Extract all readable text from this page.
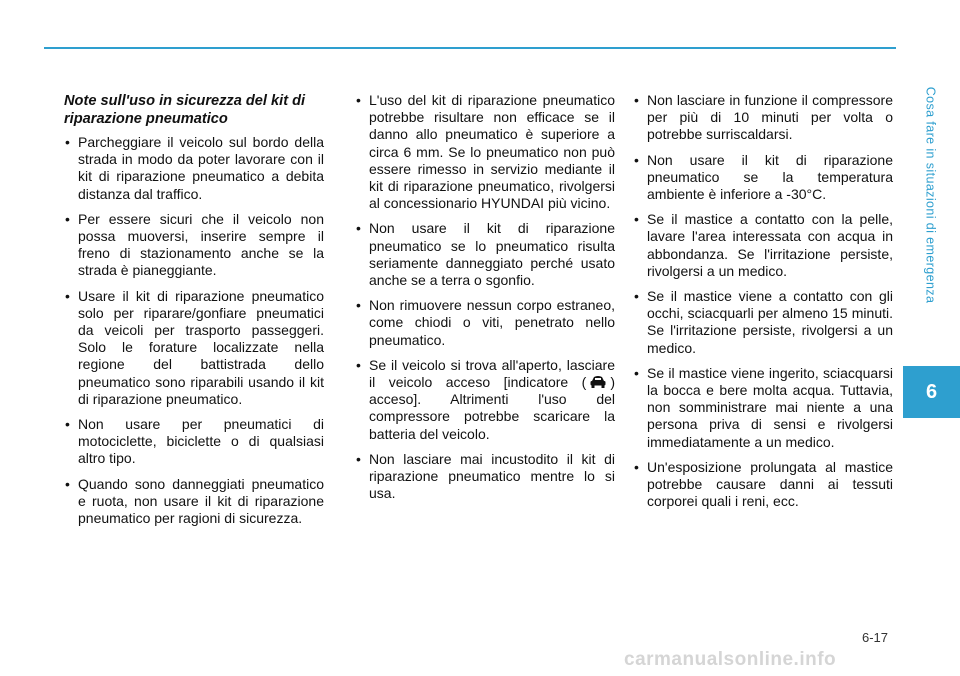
Cosa fare in situazioni di emergenza
6

Note sull'uso in sicurezza del kit di riparazione pneumatico

• Parcheggiare il veicolo sul bordo della strada in modo da poter lavorare con il kit di riparazione pneumatico a debita distanza dal traffico.
• Per essere sicuri che il veicolo non possa muoversi, inserire sempre il freno di stazionamento anche se la strada è pianeggiante.
• Usare il kit di riparazione pneumatico solo per riparare/gonfiare pneumatici da veicoli per trasporto passeggeri. Solo le forature localizzate nella regione del battistrada dello pneumatico sono riparabili usando il kit di riparazione pneumatico.
• Non usare per pneumatici di motociclette, biciclette o di qualsiasi altro tipo.
• Quando sono danneggiati pneumatico e ruota, non usare il kit di riparazione pneumatico per ragioni di sicurezza.
• L'uso del kit di riparazione pneumatico potrebbe risultare non efficace se il danno allo pneumatico è superiore a circa 6 mm. Se lo pneumatico non può essere rimesso in servizio mediante il kit di riparazione pneumatico, rivolgersi al concessionario HYUNDAI più vicino.
• Non usare il kit di riparazione pneumatico se lo pneumatico risulta seriamente danneggiato perché usato anche se a terra o sgonfio.
• Non rimuovere nessun corpo estraneo, come chiodi o viti, penetrato nello pneumatico.
• Se il veicolo si trova all'aperto, lasciare il veicolo acceso [indicatore ( ) acceso]. Altrimenti l'uso del compressore potrebbe scaricare la batteria del veicolo.
• Non lasciare mai incustodito il kit di riparazione pneumatico mentre lo si usa.
• Non lasciare in funzione il compressore per più di 10 minuti per volta o potrebbe surriscaldarsi.
• Non usare il kit di riparazione pneumatico se la temperatura ambiente è inferiore a -30°C.
• Se il mastice a contatto con la pelle, lavare l'area interessata con acqua in abbondanza. Se l'irritazione persiste, rivolgersi a un medico.
• Se il mastice viene a contatto con gli occhi, sciacquarli per almeno 15 minuti. Se l'irritazione persiste, rivolgersi a un medico.
• Se il mastice viene ingerito, sciacquarsi la bocca e bere molta acqua. Tuttavia, non somministrare mai niente a una persona priva di sensi e rivolgersi immediatamente a un medico.
• Un'esposizione prolungata al mastice potrebbe causare danni ai tessuti corporei quali i reni, ecc.
6-17
carmanualsonline.info
